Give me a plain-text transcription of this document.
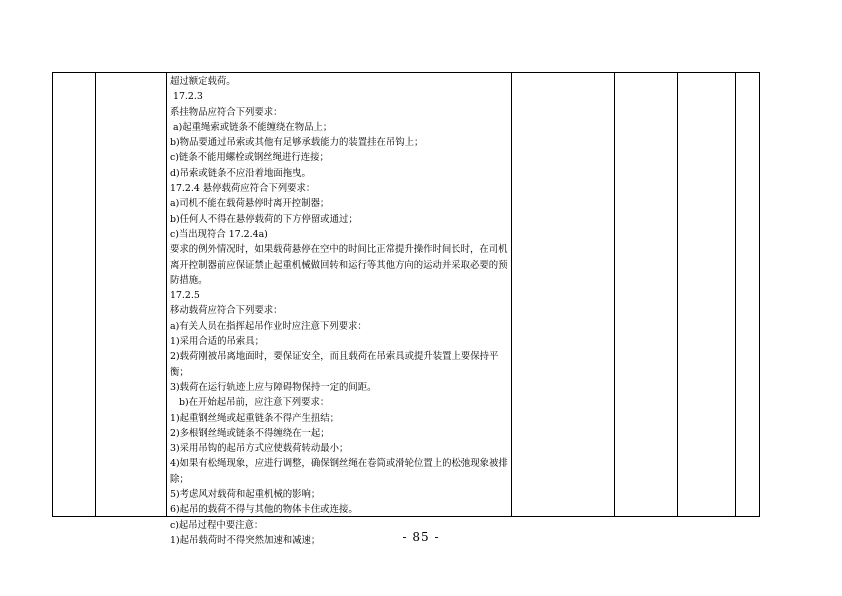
超过额定载荷。
17.2.3
系挂物品应符合下列要求：
a)起重绳索或链条不能缠绕在物品上；
b)物品要通过吊索或其他有足够承载能力的装置挂在吊钩上；
c)链条不能用螺栓或钢丝绳进行连接；
d)吊索或链条不应沿着地面拖曳。
17.2.4 悬停载荷应符合下列要求：
a)司机不能在载荷悬停时离开控制器；
b)任何人不得在悬停载荷的下方停留或通过；
c)当出现符合 17.2.4a)
要求的例外情况时，如果载荷悬停在空中的时间比正常提升操作时间长时，在司机离开控制器前应保证禁止起重机械做回转和运行等其他方向的运动并采取必要的预防措施。
17.2.5
移动载荷应符合下列要求：
a)有关人员在指挥起吊作业时应注意下列要求：
1)采用合适的吊索具；
2)载荷刚被吊离地面时，要保证安全，而且载荷在吊索具或提升装置上要保持平衡；
3)载荷在运行轨迹上应与障碍物保持一定的间距。
b)在开始起吊前，应注意下列要求：
1)起重钢丝绳或起重链条不得产生扭结；
2)多根钢丝绳或链条不得缠绕在一起；
3)采用吊钩的起吊方式应使载荷转动最小；
4)如果有松绳现象，应进行调整，确保钢丝绳在卷筒或滑轮位置上的松弛现象被排除；
5)考虑风对载荷和起重机械的影响；
6)起吊的载荷不得与其他的物体卡住或连接。
c)起吊过程中要注意：
1)起吊载荷时不得突然加速和减速；
					- 85 -
